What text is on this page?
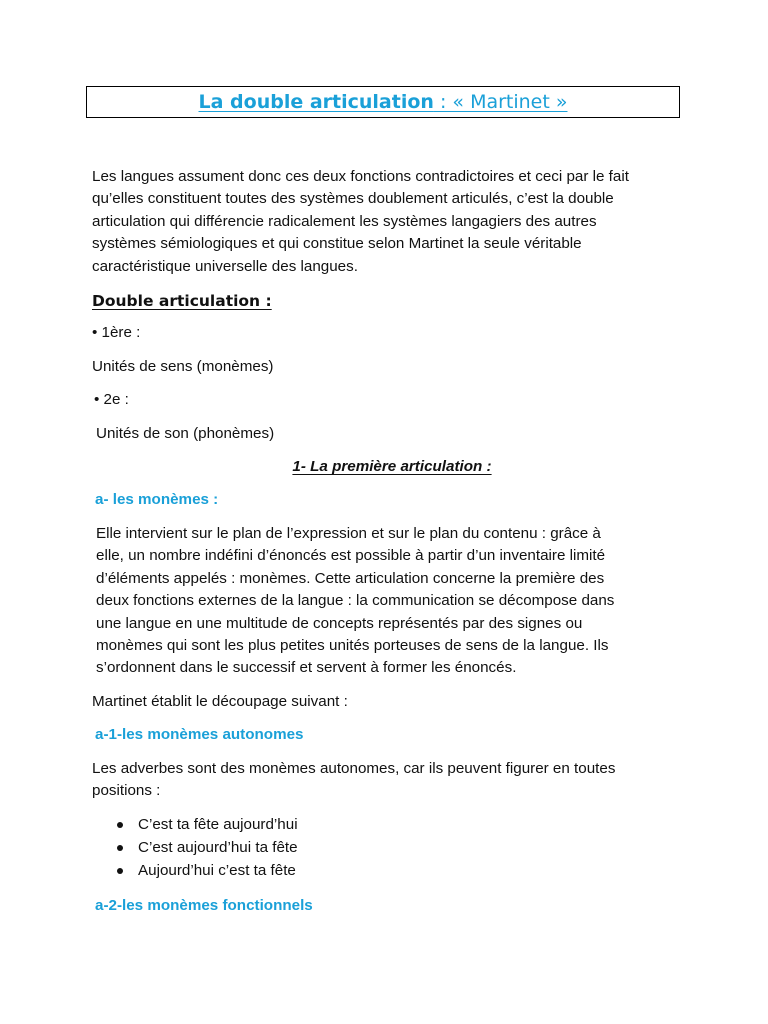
La double articulation : « Martinet »

Les langues assument donc ces deux fonctions contradictoires et ceci par le fait
qu’elles constituent toutes des systèmes doublement articulés, c’est la double
articulation qui différencie radicalement les systèmes langagiers des autres
systèmes sémiologiques et qui constitue selon Martinet la seule véritable
caractéristique universelle des langues.

Double articulation :

• 1ère :

Unités de sens (monèmes)

• 2e :

Unités de son (phonèmes)

1- La première articulation :

a- les monèmes :

Elle intervient sur le plan de l’expression et sur le plan du contenu : grâce à
elle, un nombre indéfini d’énoncés est possible à partir d’un inventaire limité
d’éléments appelés : monèmes. Cette articulation concerne la première des
deux fonctions externes de la langue : la communication se décompose dans
une langue en une multitude de concepts représentés par des signes ou
monèmes qui sont les plus petites unités porteuses de sens de la langue. Ils
s’ordonnent dans le successif et servent à former les énoncés.

Martinet établit le découpage suivant :

a-1-les monèmes autonomes

Les adverbes sont des monèmes autonomes, car ils peuvent figurer en toutes
positions :

C’est ta fête aujourd’hui
C’est aujourd’hui ta fête
Aujourd’hui c’est ta fête

a-2-les monèmes fonctionnels
